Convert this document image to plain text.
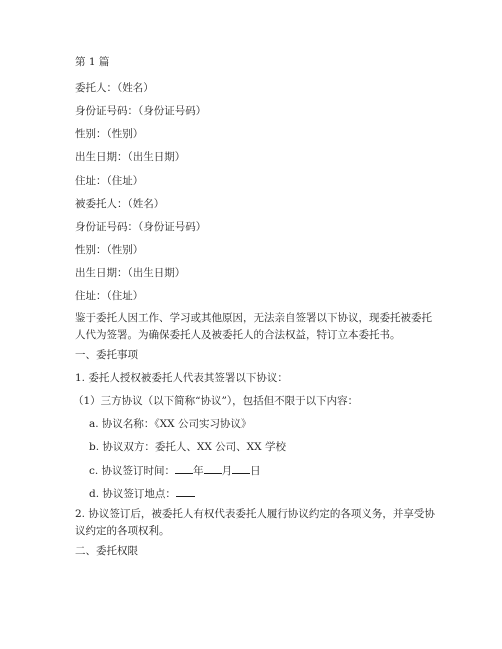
第 1 篇
委托人：（姓名）
身份证号码：（身份证号码）
性别：（性别）
出生日期：（出生日期）
住址：（住址）
被委托人：（姓名）
身份证号码：（身份证号码）
性别：（性别）
出生日期：（出生日期）
住址：（住址）
鉴于委托人因工作、学习或其他原因，无法亲自签署以下协议，现委托被委托人代为签署。为确保委托人及被委托人的合法权益，特订立本委托书。
一、委托事项
1. 委托人授权被委托人代表其签署以下协议：
（1）三方协议（以下简称“协议”），包括但不限于以下内容：
a. 协议名称：《XX 公司实习协议》
b. 协议双方：委托人、XX 公司、XX 学校
c. 协议签订时间： 年 月 日
d. 协议签订地点：
2. 协议签订后，被委托人有权代表委托人履行协议约定的各项义务，并享受协议约定的各项权利。
二、委托权限
